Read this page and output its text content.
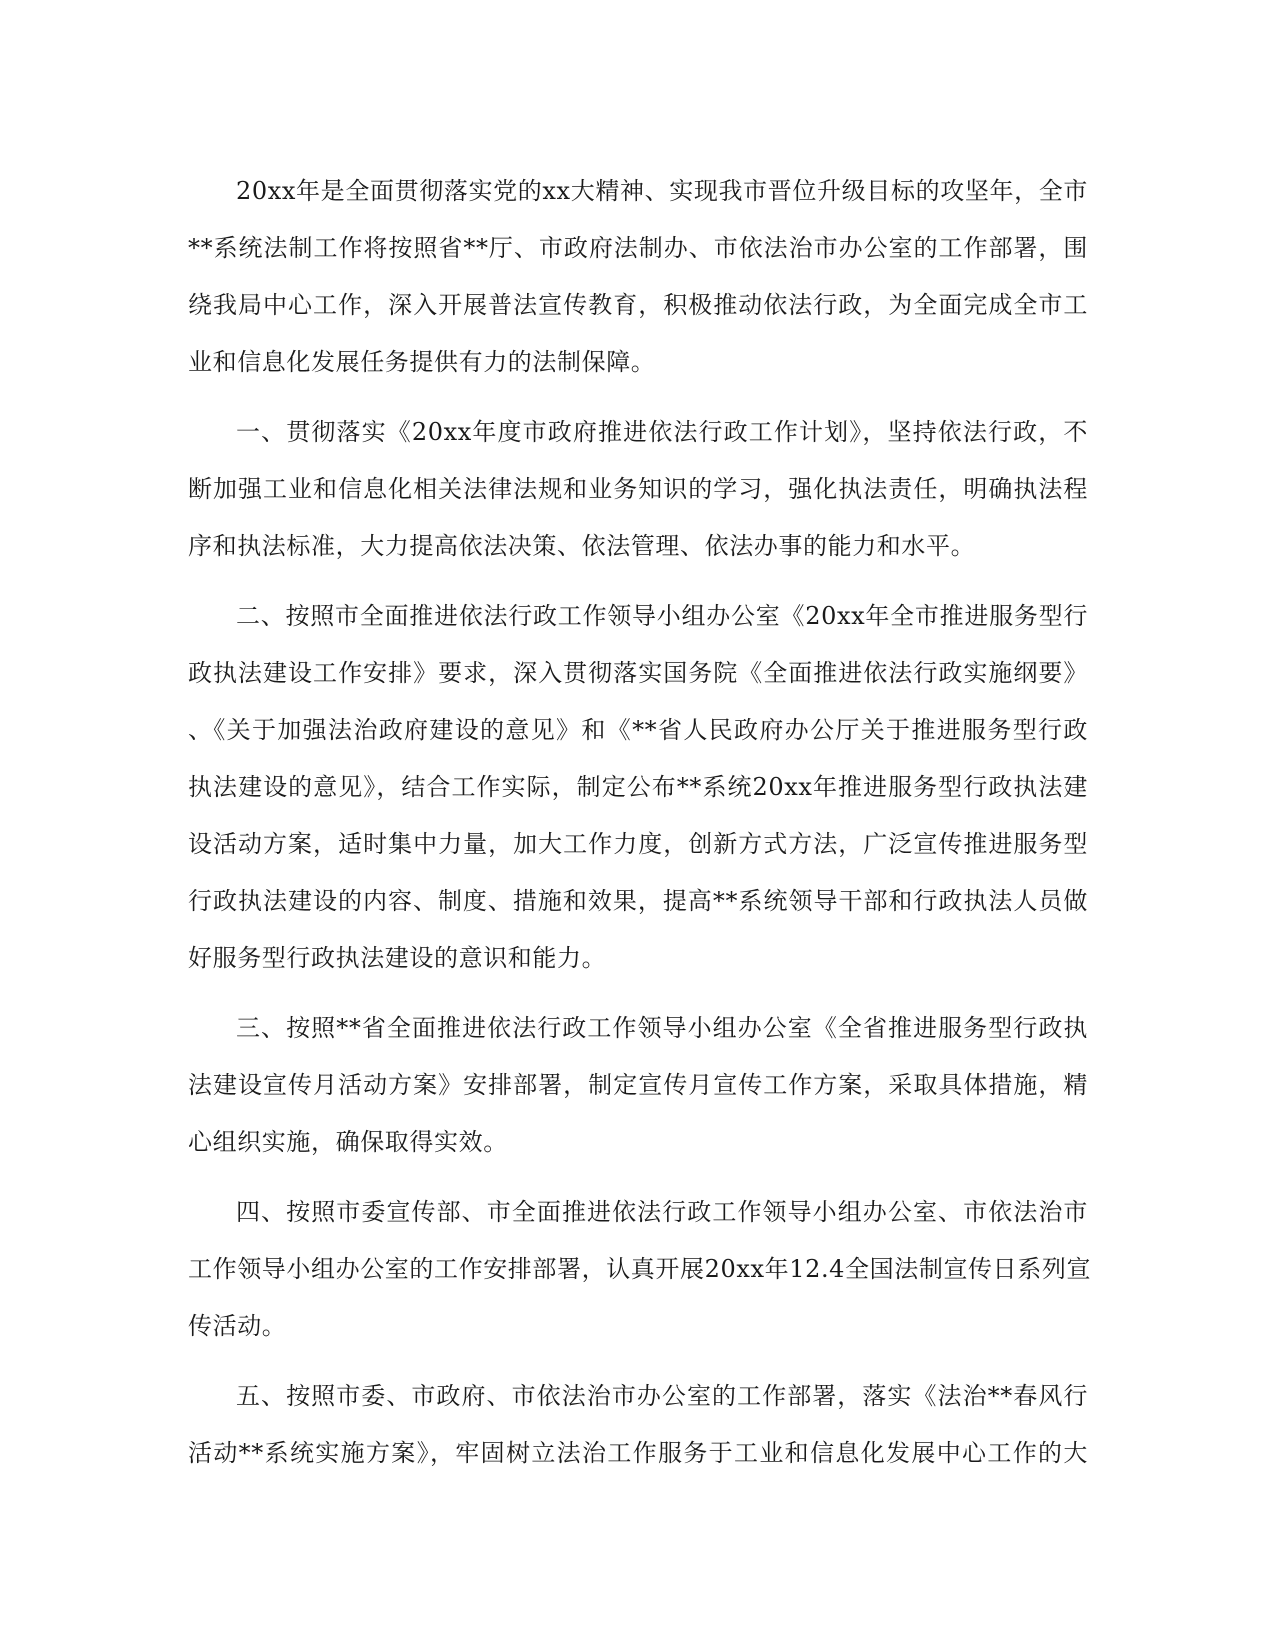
20xx年是全面贯彻落实党的xx大精神、实现我市晋位升级目标的攻坚年，全市
**系统法制工作将按照省**厅、市政府法制办、市依法治市办公室的工作部署，围
绕我局中心工作，深入开展普法宣传教育，积极推动依法行政，为全面完成全市工
业和信息化发展任务提供有力的法制保障。
一、贯彻落实《20xx年度市政府推进依法行政工作计划》，坚持依法行政，不
断加强工业和信息化相关法律法规和业务知识的学习，强化执法责任，明确执法程
序和执法标准，大力提高依法决策、依法管理、依法办事的能力和水平。
二、按照市全面推进依法行政工作领导小组办公室《20xx年全市推进服务型行
政执法建设工作安排》要求，深入贯彻落实国务院《全面推进依法行政实施纲要》
、《关于加强法治政府建设的意见》和《**省人民政府办公厅关于推进服务型行政
执法建设的意见》，结合工作实际，制定公布**系统20xx年推进服务型行政执法建
设活动方案，适时集中力量，加大工作力度，创新方式方法，广泛宣传推进服务型
行政执法建设的内容、制度、措施和效果，提高**系统领导干部和行政执法人员做
好服务型行政执法建设的意识和能力。
三、按照**省全面推进依法行政工作领导小组办公室《全省推进服务型行政执
法建设宣传月活动方案》安排部署，制定宣传月宣传工作方案，采取具体措施，精
心组织实施，确保取得实效。
四、按照市委宣传部、市全面推进依法行政工作领导小组办公室、市依法治市
工作领导小组办公室的工作安排部署，认真开展20xx年12.4全国法制宣传日系列宣
传活动。
五、按照市委、市政府、市依法治市办公室的工作部署，落实《法治**春风行
活动**系统实施方案》，牢固树立法治工作服务于工业和信息化发展中心工作的大
